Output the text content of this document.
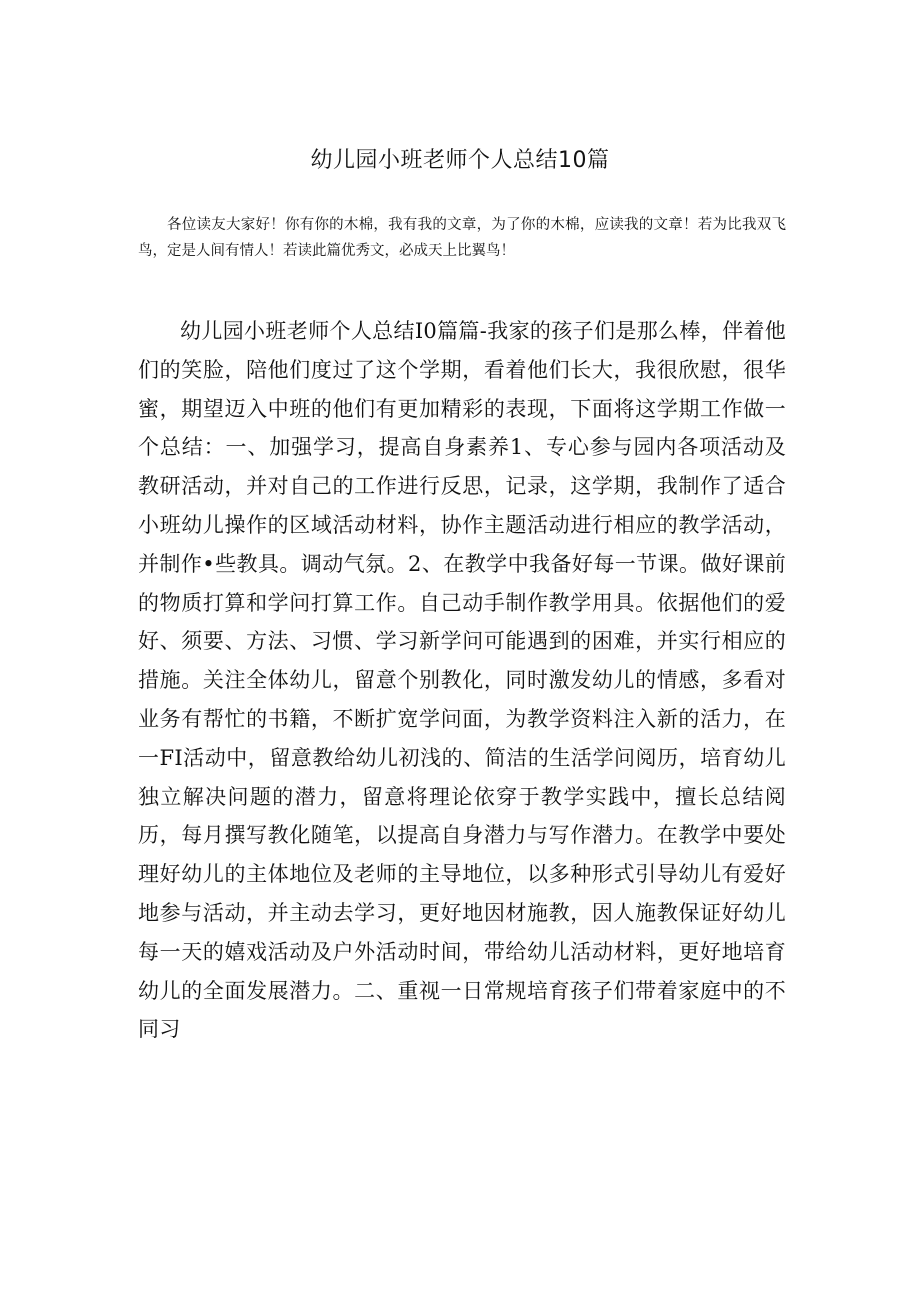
幼儿园小班老师个人总结10篇

各位读友大家好！你有你的木棉，我有我的文章，为了你的木棉，应读我的文章！若为比我双飞鸟，定是人间有情人！若读此篇优秀文，必成天上比翼鸟！

幼儿园小班老师个人总结I0篇篇-我家的孩子们是那么棒，伴着他们的笑脸，陪他们度过了这个学期，看着他们长大，我很欣慰，很华蜜，期望迈入中班的他们有更加精彩的表现，下面将这学期工作做一个总结：一、加强学习，提高自身素养1、专心参与园内各项活动及教研活动，并对自己的工作进行反思，记录，这学期，我制作了适合小班幼儿操作的区域活动材料，协作主题活动进行相应的教学活动，并制作•些教具。调动气氛。2、在教学中我备好每一节课。做好课前的物质打算和学问打算工作。自己动手制作教学用具。依据他们的爱好、须要、方法、习惯、学习新学问可能遇到的困难，并实行相应的措施。关注全体幼儿，留意个别教化，同时激发幼儿的情感，多看对业务有帮忙的书籍，不断扩宽学问面，为教学资料注入新的活力，在一FI活动中，留意教给幼儿初浅的、简洁的生活学问阅历，培育幼儿独立解决问题的潜力，留意将理论依穿于教学实践中，擅长总结阅历，每月撰写教化随笔，以提高自身潜力与写作潜力。在教学中要处理好幼儿的主体地位及老师的主导地位，以多种形式引导幼儿有爱好地参与活动，并主动去学习，更好地因材施教，因人施教保证好幼儿每一天的嬉戏活动及户外活动时间，带给幼儿活动材料，更好地培育幼儿的全面发展潜力。二、重视一日常规培育孩子们带着家庭中的不同习
